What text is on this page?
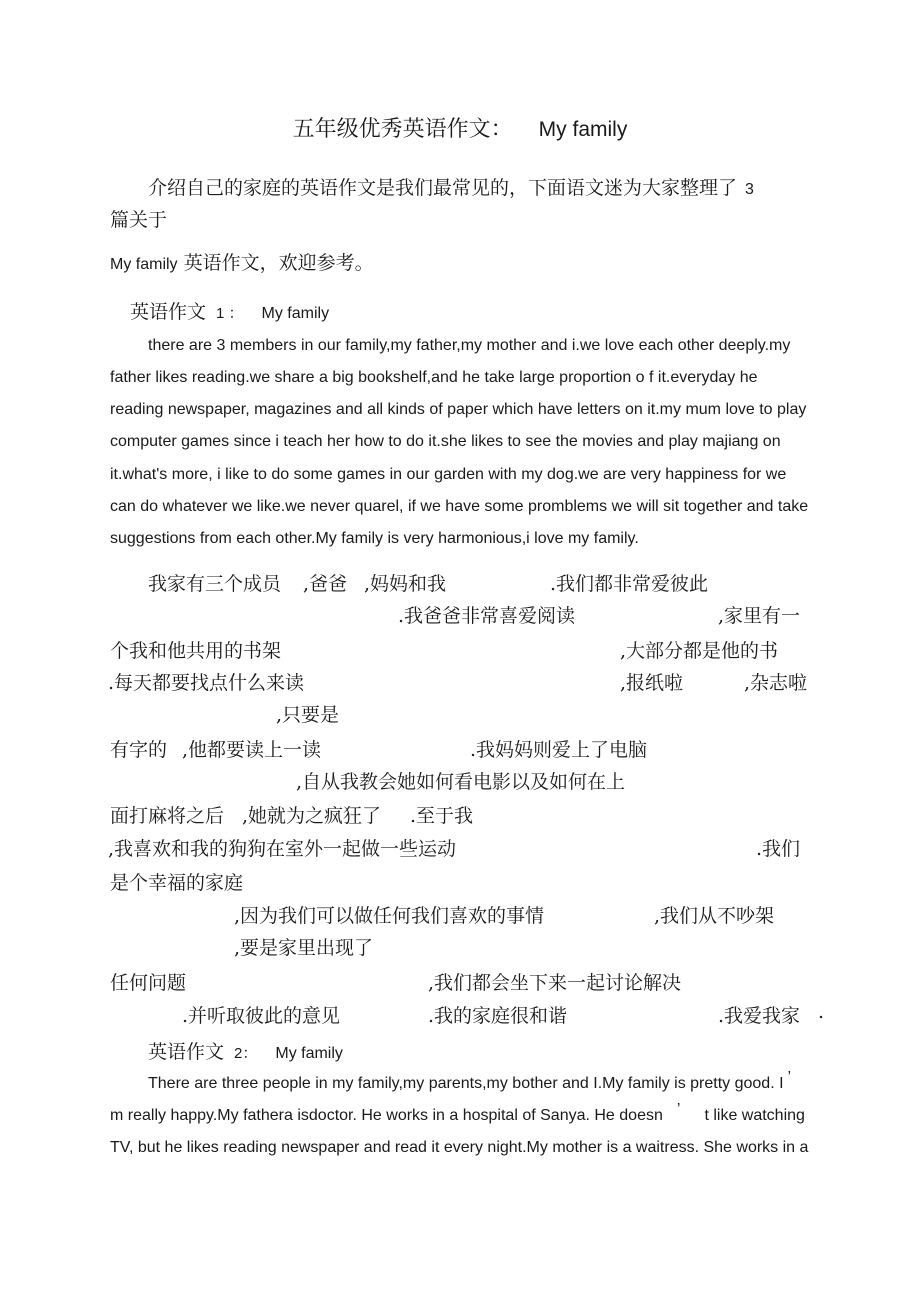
五年级优秀英语作文： My family
介绍自己的家庭的英语作文是我们最常见的，下面语文迷为大家整理了 3
篇关于
My family 英语作文，欢迎参考。
英语作文 1 ： My family
there are 3 members in our family,my father,my mother and i.we love each other deeply.my
father likes reading.we share a big bookshelf,and he take large proportion o f it.everyday he
reading newspaper, magazines and all kinds of paper which have letters on it.my mum love to play
computer games since i teach her how to do it.she likes to see the movies and play majiang on
it.what's more, i like to do some games in our garden with my dog.we are very happiness for we
can do whatever we like.we never quarel, if we have some promblems we will sit together and take
suggestions from each other.My family is very harmonious,i love my family.
我家有三个成员 ,爸爸 ,妈妈和我	.我们都非常爱彼此
.我爸爸非常喜爱阅读	,家里有一
个我和他共用的书架	,大部分都是他的书
.每天都要找点什么来读	,报纸啦	,杂志啦
,只要是
有字的 ,他都要读上一读	.我妈妈则爱上了电脑
,自从我教会她如何看电影以及如何在上
面打麻将之后 ,她就为之疯狂了 .至于我
,我喜欢和我的狗狗在室外一起做一些运动	.我们
是个幸福的家庭
,因为我们可以做任何我们喜欢的事情	,我们从不吵架
,要是家里出现了
任何问题	,我们都会坐下来一起讨论解决
.并听取彼此的意见	.我的家庭很和谐	.我爱我家 .
英语作文 2： My family
There are three people in my family,my parents,my bother and I.My family is pretty good. I ’
m really happy.My fathera isdoctor. He works in a hospital of Sanya. He doesn ’ t like watching
TV, but he likes reading newspaper and read it every night.My mother is a waitress. She works in a
